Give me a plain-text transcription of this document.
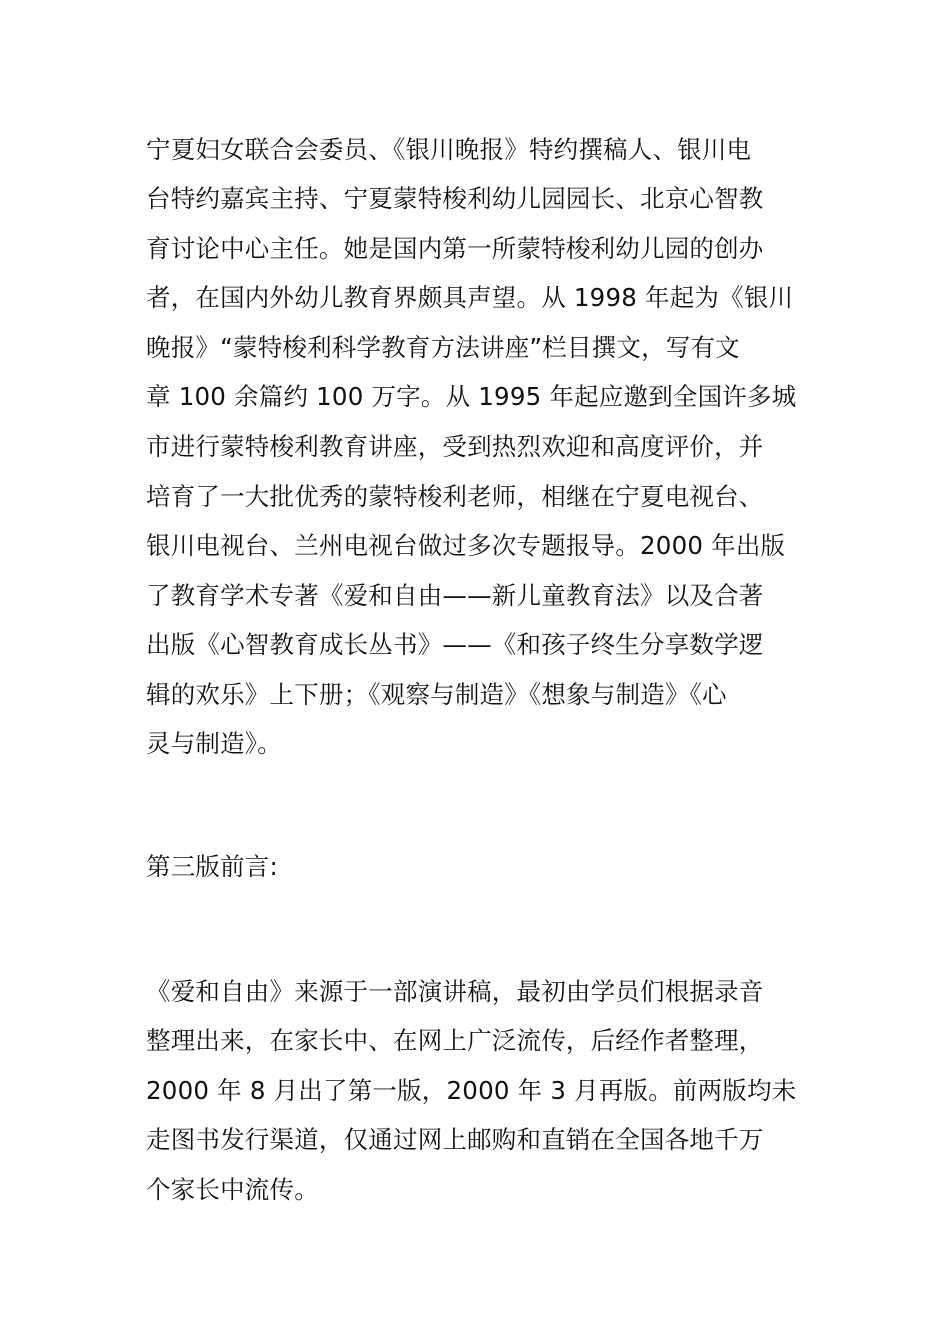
宁夏妇女联合会委员、《银川晚报》特约撰稿人、银川电
台特约嘉宾主持、宁夏蒙特梭利幼儿园园长、北京心智教
育讨论中心主任。她是国内第一所蒙特梭利幼儿园的创办
者，在国内外幼儿教育界颇具声望。从 1998 年起为《银川
晚报》“蒙特梭利科学教育方法讲座”栏目撰文，写有文
章 100 余篇约 100 万字。从 1995 年起应邀到全国许多城
市进行蒙特梭利教育讲座，受到热烈欢迎和高度评价，并
培育了一大批优秀的蒙特梭利老师，相继在宁夏电视台、
银川电视台、兰州电视台做过多次专题报导。2000 年出版
了教育学术专著《爱和自由——新儿童教育法》以及合著
出版《心智教育成长丛书》——《和孩子终生分享数学逻
辑的欢乐》上下册；《观察与制造》《想象与制造》《心
灵与制造》。
第三版前言:
《爱和自由》来源于一部演讲稿，最初由学员们根据录音
整理出来，在家长中、在网上广泛流传，后经作者整理，
2000 年 8 月出了第一版，2000 年 3 月再版。前两版均未
走图书发行渠道，仅通过网上邮购和直销在全国各地千万
个家长中流传。
